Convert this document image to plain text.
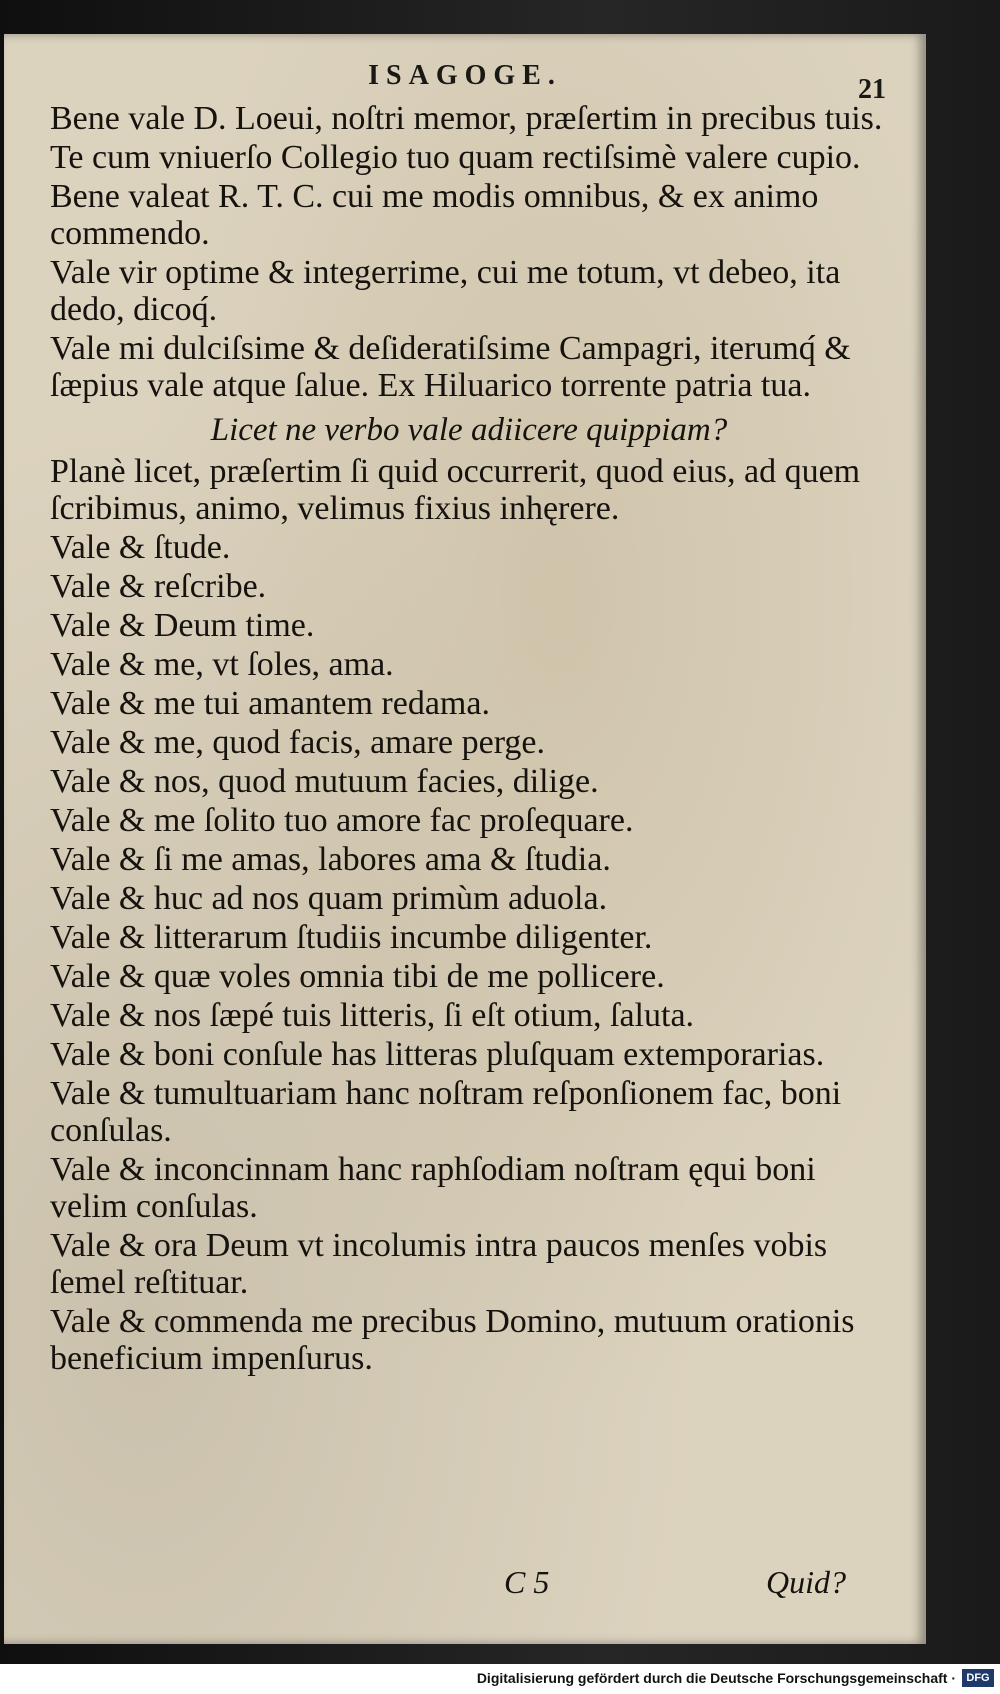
ISAGOGE.	21

Bene vale D. Loeui, noſtri memor, præſertim in precibus tuis.

Te cum vniuerſo Collegio tuo quam rectiſsimè valere cupio.

Bene valeat R. T. C. cui me modis omnibus, & ex animo commendo.

Vale vir optime & integerrime, cui me totum, vt debeo, ita dedo, dicoq́.

Vale mi dulciſsime & deſideratiſsime Campagri, iterumq́ & ſæpius vale atque ſalue. Ex Hiluarico torrente patria tua.

Licet ne verbo vale adiicere quippiam?

Planè licet, præſertim ſi quid occurrerit, quod eius, ad quem ſcribimus, animo, velimus fixius inhęrere.

Vale & ſtude.

Vale & reſcribe.

Vale & Deum time.

Vale & me, vt ſoles, ama.

Vale & me tui amantem redama.

Vale & me, quod facis, amare perge.

Vale & nos, quod mutuum facies, dilige.

Vale & me ſolito tuo amore fac proſequare.

Vale & ſi me amas, labores ama & ſtudia.

Vale & huc ad nos quam primùm aduola.

Vale & litterarum ſtudiis incumbe diligenter.

Vale & quæ voles omnia tibi de me pollicere.

Vale & nos ſæpé tuis litteris, ſi eſt otium, ſaluta.

Vale & boni conſule has litteras pluſquam extemporarias.

Vale & tumultuariam hanc noſtram reſponſionem fac, boni conſulas.

Vale & inconcinnam hanc raphſodiam noſtram ęqui boni velim conſulas.

Vale & ora Deum vt incolumis intra paucos menſes vobis ſemel reſtituar.

Vale & commenda me precibus Domino, mutuum orationis beneficium impenſurus.

C 5	Quid?
Digitalisierung gefördert durch die Deutsche Forschungsgemeinschaft · DFG
